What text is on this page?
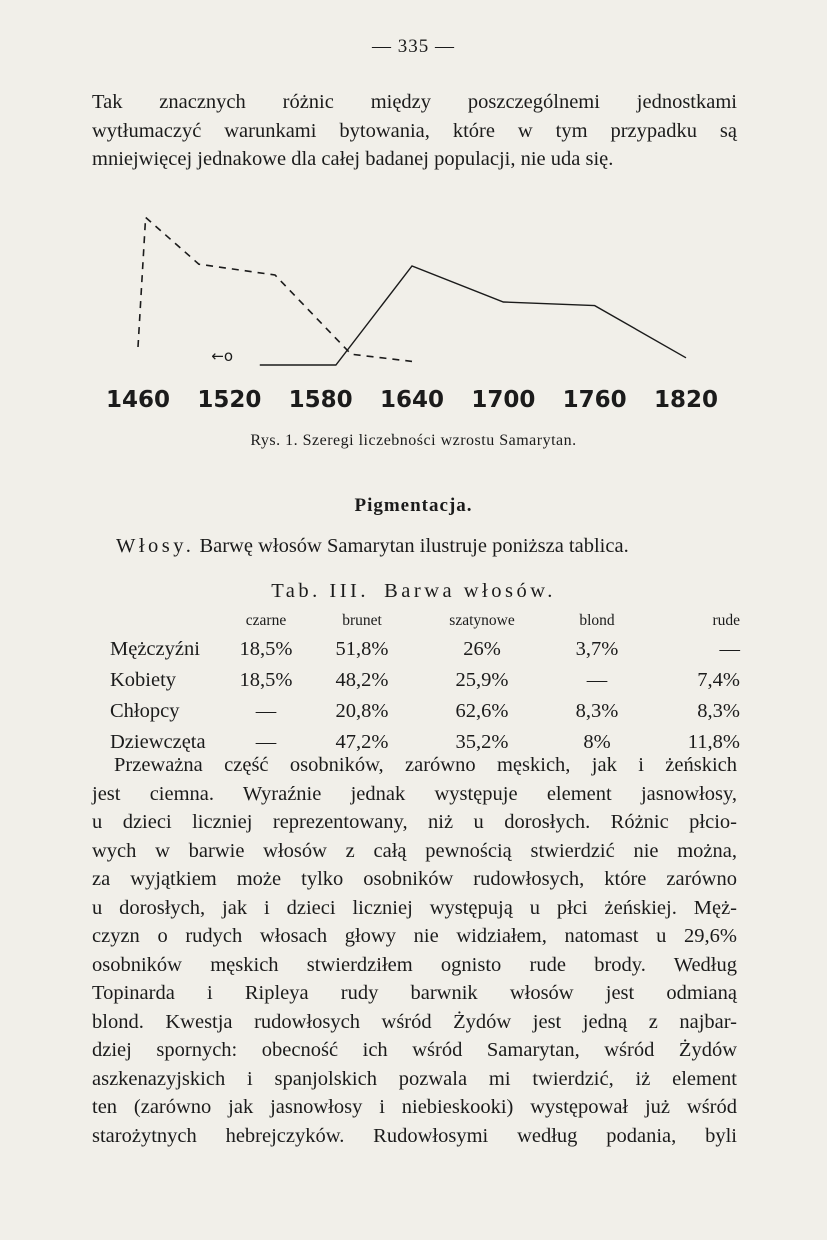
— 335 —

Tak znacznych różnic między poszczególnemi jednostkami
wytłumaczyć warunkami bytowania, które w tym przypadku są
mniejwięcej jednakowe dla całej badanej populacji, nie uda się.

←o
1460 1520 1580 1640 1700 1760 1820
Rys. 1. Szeregi liczebności wzrostu Samarytan.
Pigmentacja.
Włosy. Barwę włosów Samarytan ilustruje poniższa tablica.
Tab. III. Barwa włosów.
	czarne	brunet	szatynowe	blond	rude
Mężczyźni	18,5%	51,8%	26%	3,7%	—
Kobiety	18,5%	48,2%	25,9%	—	7,4%
Chłopcy	—	20,8%	62,6%	8,3%	8,3%
Dziewczęta	—	47,2%	35,2%	8%	11,8%

Przeważna część osobników, zarówno męskich, jak i żeńskich
jest ciemna. Wyraźnie jednak występuje element jasnowłosy,
u dzieci liczniej reprezentowany, niż u dorosłych. Różnic płcio-
wych w barwie włosów z całą pewnością stwierdzić nie można,
za wyjątkiem może tylko osobników rudowłosych, które zarówno
u dorosłych, jak i dzieci liczniej występują u płci żeńskiej. Męż-
czyzn o rudych włosach głowy nie widziałem, natomast u 29,6%
osobników męskich stwierdziłem ognisto rude brody. Według
Topinarda i Ripleya rudy barwnik włosów jest odmianą
blond. Kwestja rudowłosych wśród Żydów jest jedną z najbar-
dziej spornych: obecność ich wśród Samarytan, wśród Żydów
aszkenazyjskich i spanjolskich pozwala mi twierdzić, iż element
ten (zarówno jak jasnowłosy i niebieskooki) występował już wśród
starożytnych hebrejczyków. Rudowłosymi według podania, byli
